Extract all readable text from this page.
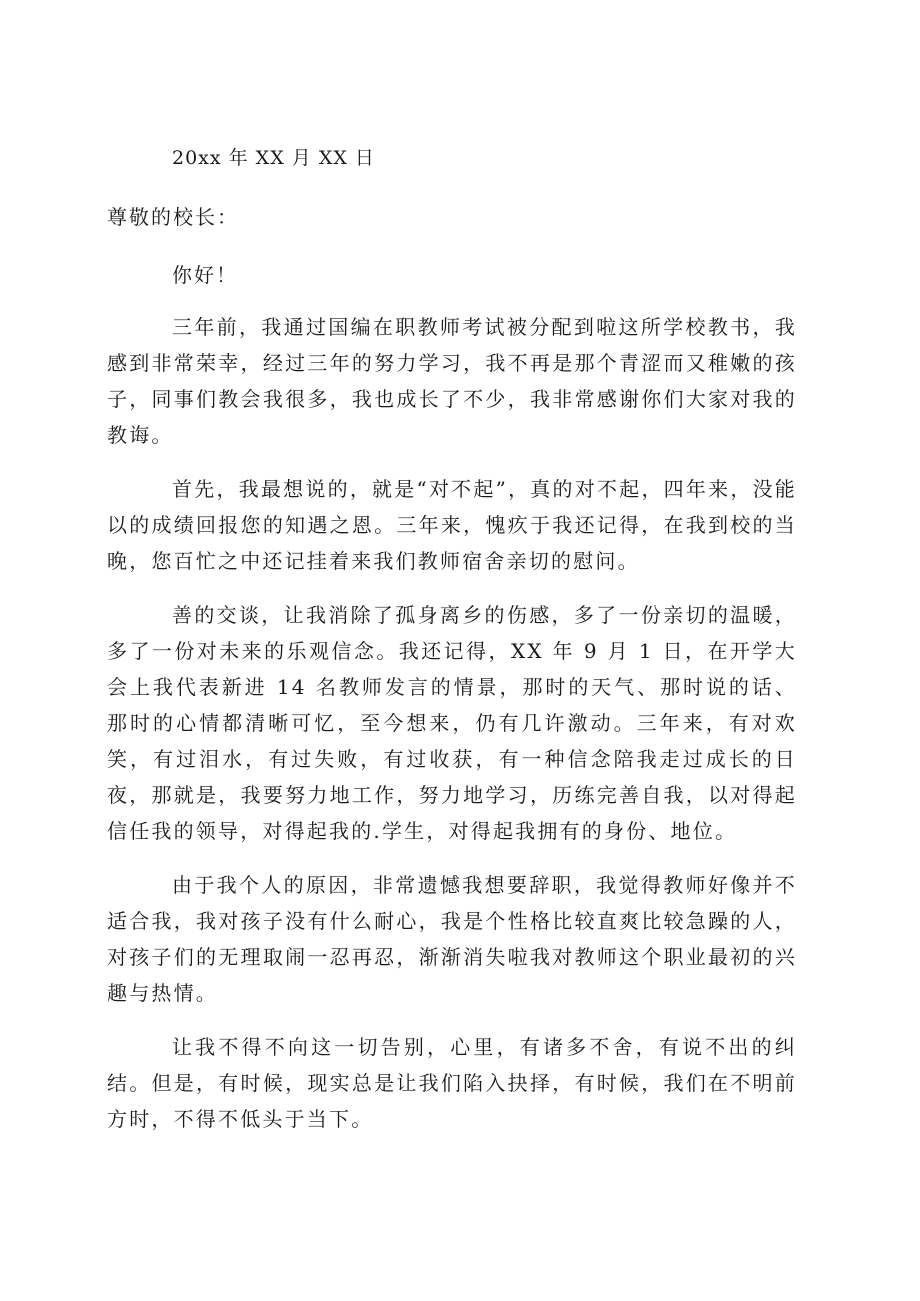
20xx 年 XX 月 XX 日
尊敬的校长：
你好！

三年前，我通过国编在职教师考试被分配到啦这所学校教书，我感到非常荣幸，经过三年的努力学习，我不再是那个青涩而又稚嫩的孩子，同事们教会我很多，我也成长了不少，我非常感谢你们大家对我的教诲。

首先，我最想说的，就是“对不起”，真的对不起，四年来，没能以的成绩回报您的知遇之恩。三年来，愧疚于我还记得，在我到校的当晚，您百忙之中还记挂着来我们教师宿舍亲切的慰问。

善的交谈，让我消除了孤身离乡的伤感，多了一份亲切的温暖，多了一份对未来的乐观信念。我还记得，XX 年 9 月 1 日，在开学大会上我代表新进 14 名教师发言的情景，那时的天气、那时说的话、那时的心情都清晰可忆，至今想来，仍有几许激动。三年来，有对欢笑，有过泪水，有过失败，有过收获，有一种信念陪我走过成长的日夜，那就是，我要努力地工作，努力地学习，历练完善自我，以对得起信任我的领导，对得起我的.学生，对得起我拥有的身份、地位。

由于我个人的原因，非常遗憾我想要辞职，我觉得教师好像并不适合我，我对孩子没有什么耐心，我是个性格比较直爽比较急躁的人，对孩子们的无理取闹一忍再忍，渐渐消失啦我对教师这个职业最初的兴趣与热情。

让我不得不向这一切告别，心里，有诸多不舍，有说不出的纠结。但是，有时候，现实总是让我们陷入抉择，有时候，我们在不明前方时，不得不低头于当下。
